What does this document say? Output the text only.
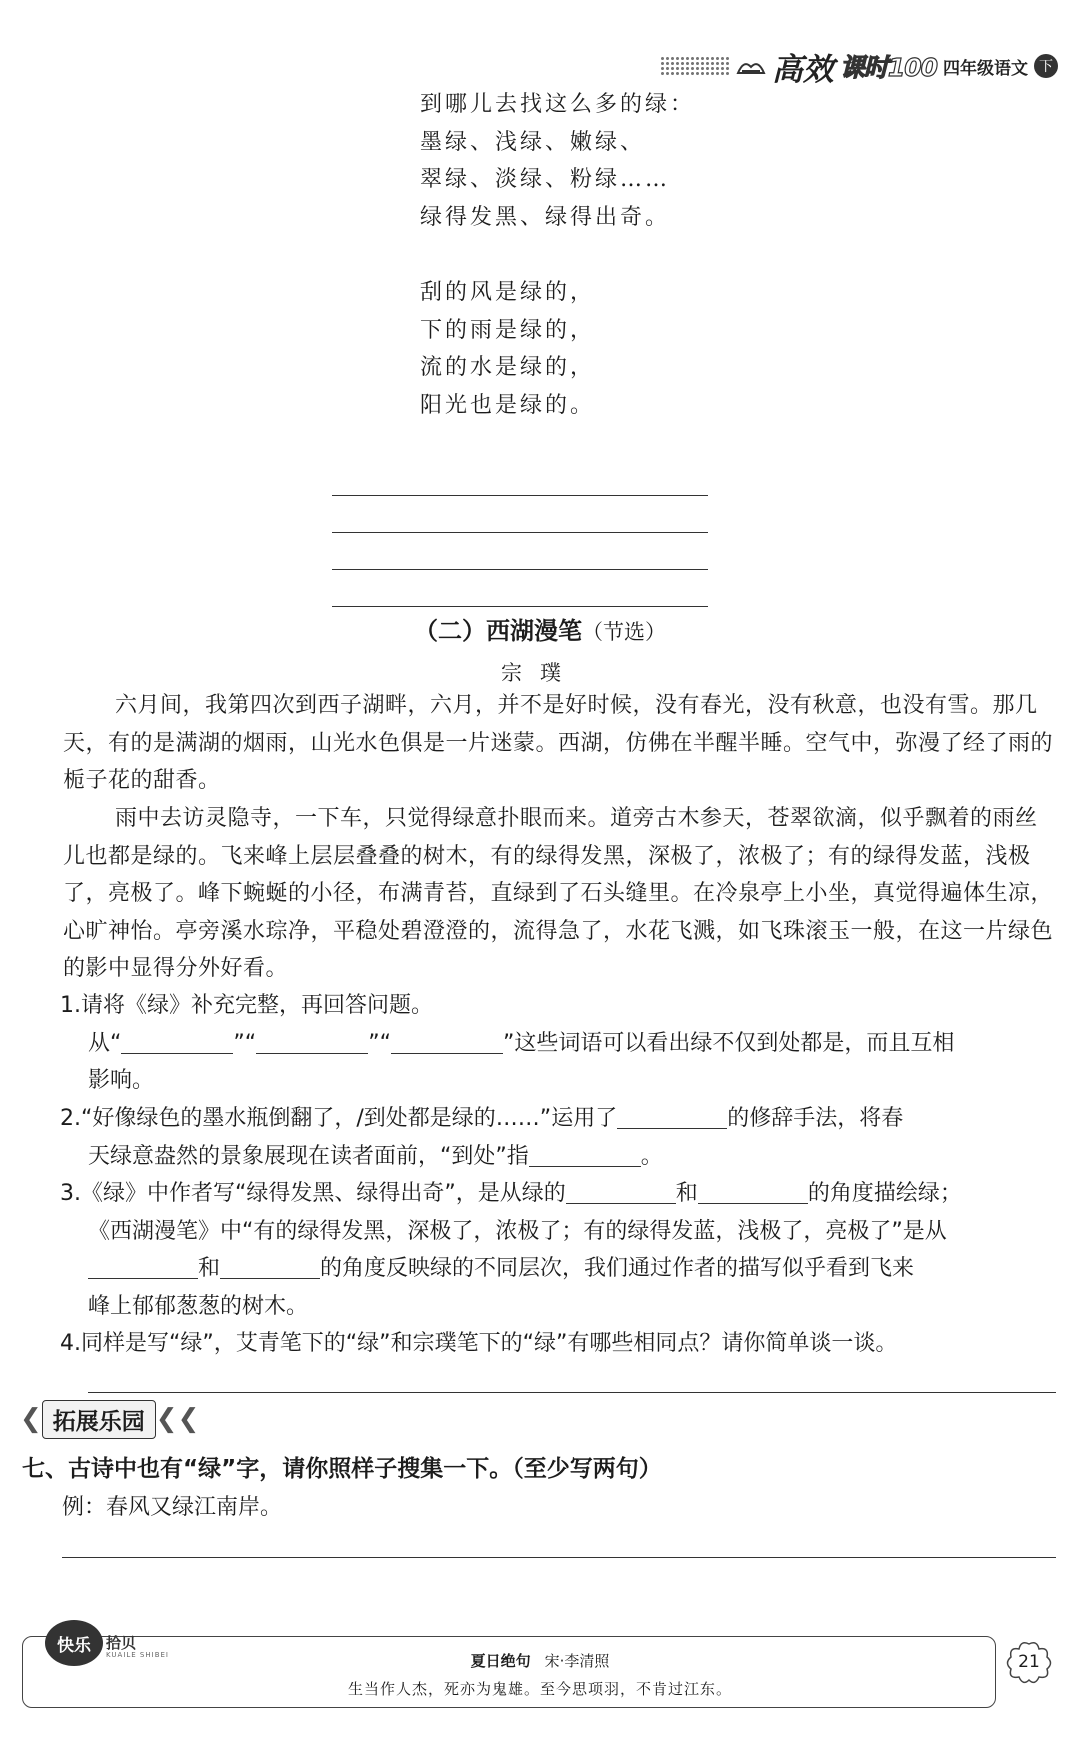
高效 课时100 四年级语文 下
到哪儿去找这么多的绿：
墨绿、浅绿、嫩绿、
翠绿、淡绿、粉绿……
绿得发黑、绿得出奇。
刮的风是绿的，
下的雨是绿的，
流的水是绿的，
阳光也是绿的。
（二）西湖漫笔（节选）
宗璞
六月间，我第四次到西子湖畔，六月，并不是好时候，没有春光，没有秋意，也没有雪。那几天，有的是满湖的烟雨，山光水色俱是一片迷蒙。西湖，仿佛在半醒半睡。空气中，弥漫了经了雨的栀子花的甜香。
雨中去访灵隐寺，一下车，只觉得绿意扑眼而来。道旁古木参天，苍翠欲滴，似乎飘着的雨丝儿也都是绿的。飞来峰上层层叠叠的树木，有的绿得发黑，深极了，浓极了；有的绿得发蓝，浅极了，亮极了。峰下蜿蜒的小径，布满青苔，直绿到了石头缝里。在冷泉亭上小坐，真觉得遍体生凉，心旷神怡。亭旁溪水琮净，平稳处碧澄澄的，流得急了，水花飞溅，如飞珠滚玉一般，在这一片绿色的影中显得分外好看。
1.请将《绿》补充完整，再回答问题。
从“	”“	”“	”这些词语可以看出绿不仅到处都是，而且互相
影响。
2.“好像绿色的墨水瓶倒翻了，/到处都是绿的……”运用了	的修辞手法，将春
天绿意盎然的景象展现在读者面前，“到处”指	。
3.《绿》中作者写“绿得发黑、绿得出奇”，是从绿的	和	的角度描绘绿；
《西湖漫笔》中“有的绿得发黑，深极了，浓极了；有的绿得发蓝，浅极了，亮极了”是从
和	的角度反映绿的不同层次，我们通过作者的描写似乎看到飞来
峰上郁郁葱葱的树木。
4.同样是写“绿”，艾青笔下的“绿”和宗璞笔下的“绿”有哪些相同点？请你简单谈一谈。
❮ 拓展乐园 ❮❮
七、古诗中也有“绿”字，请你照样子搜集一下。（至少写两句）
例：春风又绿江南岸。
快乐	拾贝
KUAILE SHIBEI	夏日绝句 宋·李清照
生当作人杰，死亦为鬼雄。至今思项羽，不肯过江东。
21
